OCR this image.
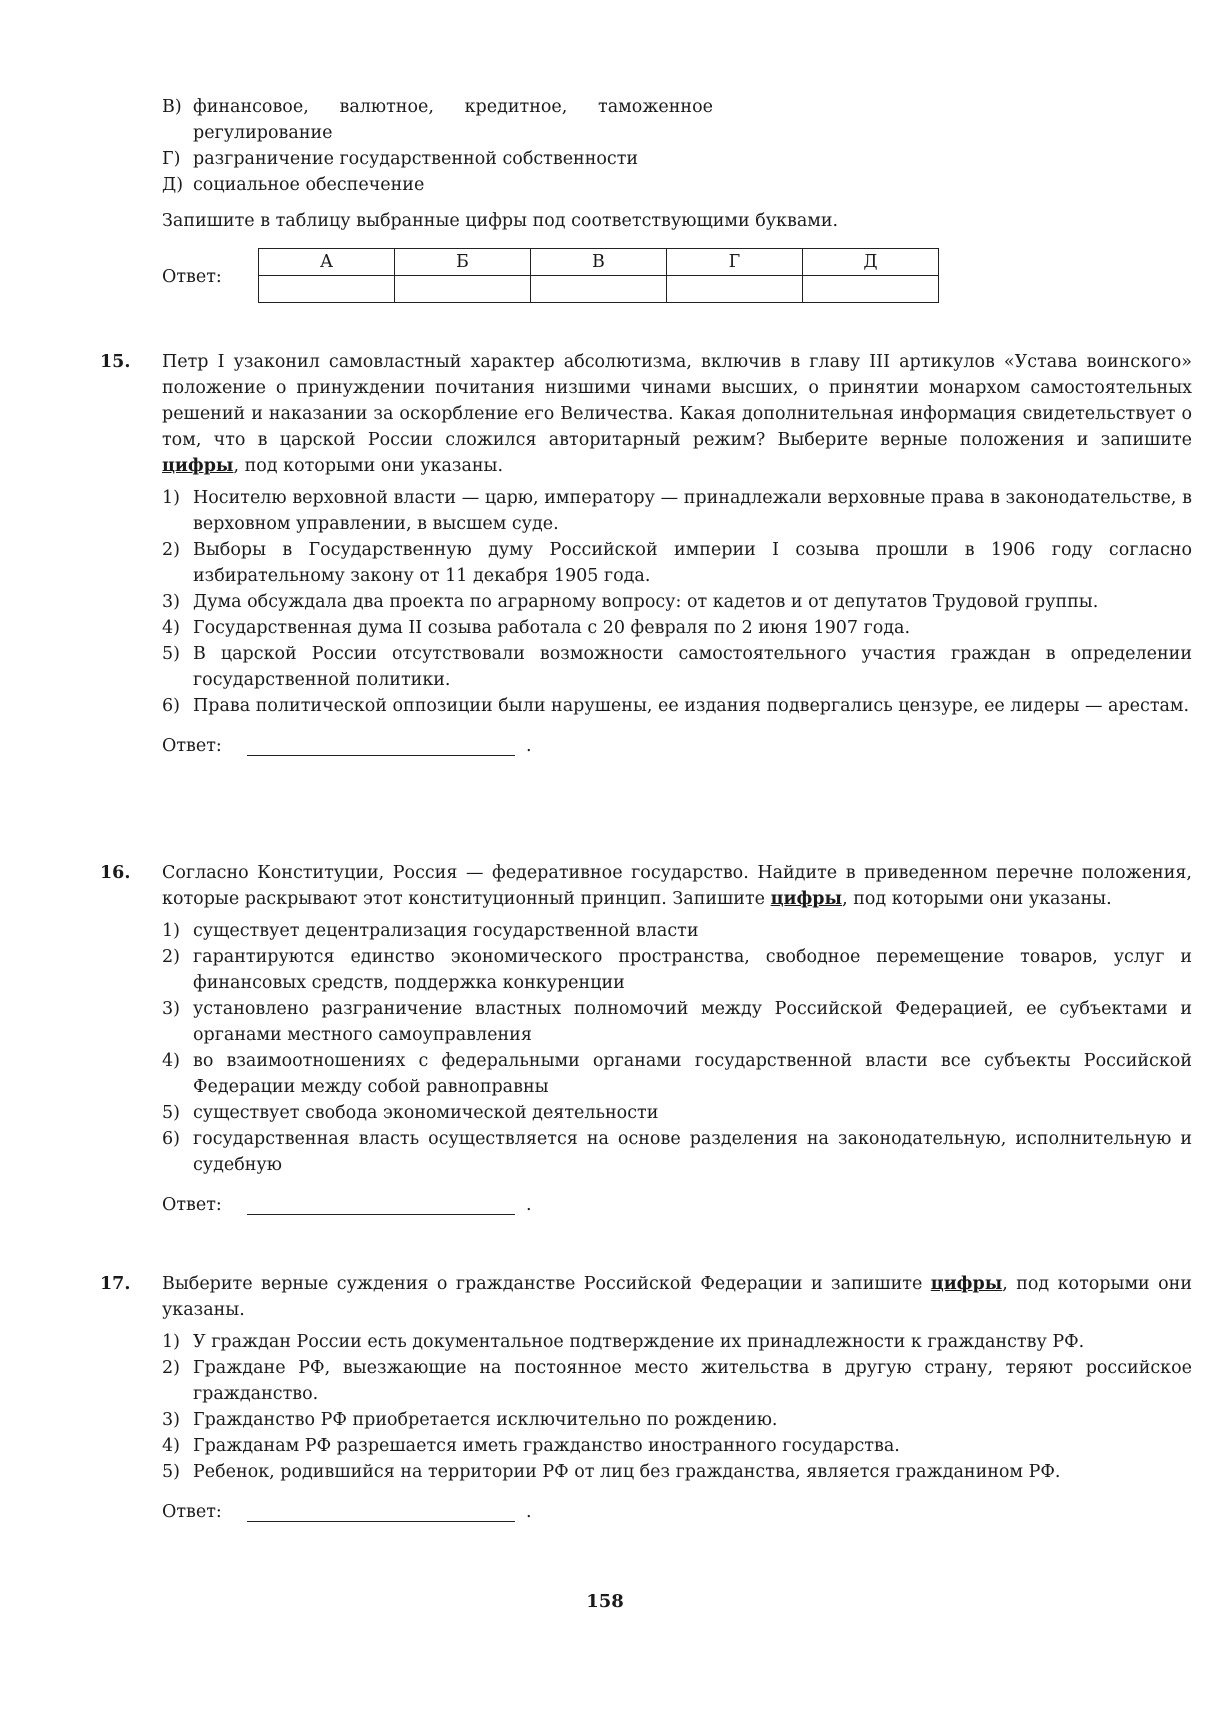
В) финансовое, валютное, кредитное, таможенное регулирование
Г) разграничение государственной собственности
Д) социальное обеспечение
Запишите в таблицу выбранные цифры под соответствующими буквами.
Ответ:
А	Б	В	Г	Д

15. Петр I узаконил самовластный характер абсолютизма, включив в главу III артикулов «Устава воинского» положение о принуждении почитания низшими чинами высших, о принятии монархом самостоятельных решений и наказании за оскорбление его Величества. Какая дополнительная информация свидетельствует о том, что в царской России сложился авторитарный режим? Выберите верные положения и запишите цифры, под которыми они указаны.
1) Носителю верховной власти — царю, императору — принадлежали верховные права в законодательстве, в верховном управлении, в высшем суде.
2) Выборы в Государственную думу Российской империи I созыва прошли в 1906 году согласно избирательному закону от 11 декабря 1905 года.
3) Дума обсуждала два проекта по аграрному вопросу: от кадетов и от депутатов Трудовой группы.
4) Государственная дума II созыва работала с 20 февраля по 2 июня 1907 года.
5) В царской России отсутствовали возможности самостоятельного участия граждан в определении государственной политики.
6) Права политической оппозиции были нарушены, ее издания подвергались цензуре, ее лидеры — арестам.
Ответ:	.
16. Согласно Конституции, Россия — федеративное государство. Найдите в приведенном перечне положения, которые раскрывают этот конституционный принцип. Запишите цифры, под которыми они указаны.
1) существует децентрализация государственной власти
2) гарантируются единство экономического пространства, свободное перемещение товаров, услуг и финансовых средств, поддержка конкуренции
3) установлено разграничение властных полномочий между Российской Федерацией, ее субъектами и органами местного самоуправления
4) во взаимоотношениях с федеральными органами государственной власти все субъекты Российской Федерации между собой равноправны
5) существует свобода экономической деятельности
6) государственная власть осуществляется на основе разделения на законодательную, исполнительную и судебную
Ответ:	.
17. Выберите верные суждения о гражданстве Российской Федерации и запишите цифры, под которыми они указаны.
1) У граждан России есть документальное подтверждение их принадлежности к гражданству РФ.
2) Граждане РФ, выезжающие на постоянное место жительства в другую страну, теряют российское гражданство.
3) Гражданство РФ приобретается исключительно по рождению.
4) Гражданам РФ разрешается иметь гражданство иностранного государства.
5) Ребенок, родившийся на территории РФ от лиц без гражданства, является гражданином РФ.
Ответ:	.
158
